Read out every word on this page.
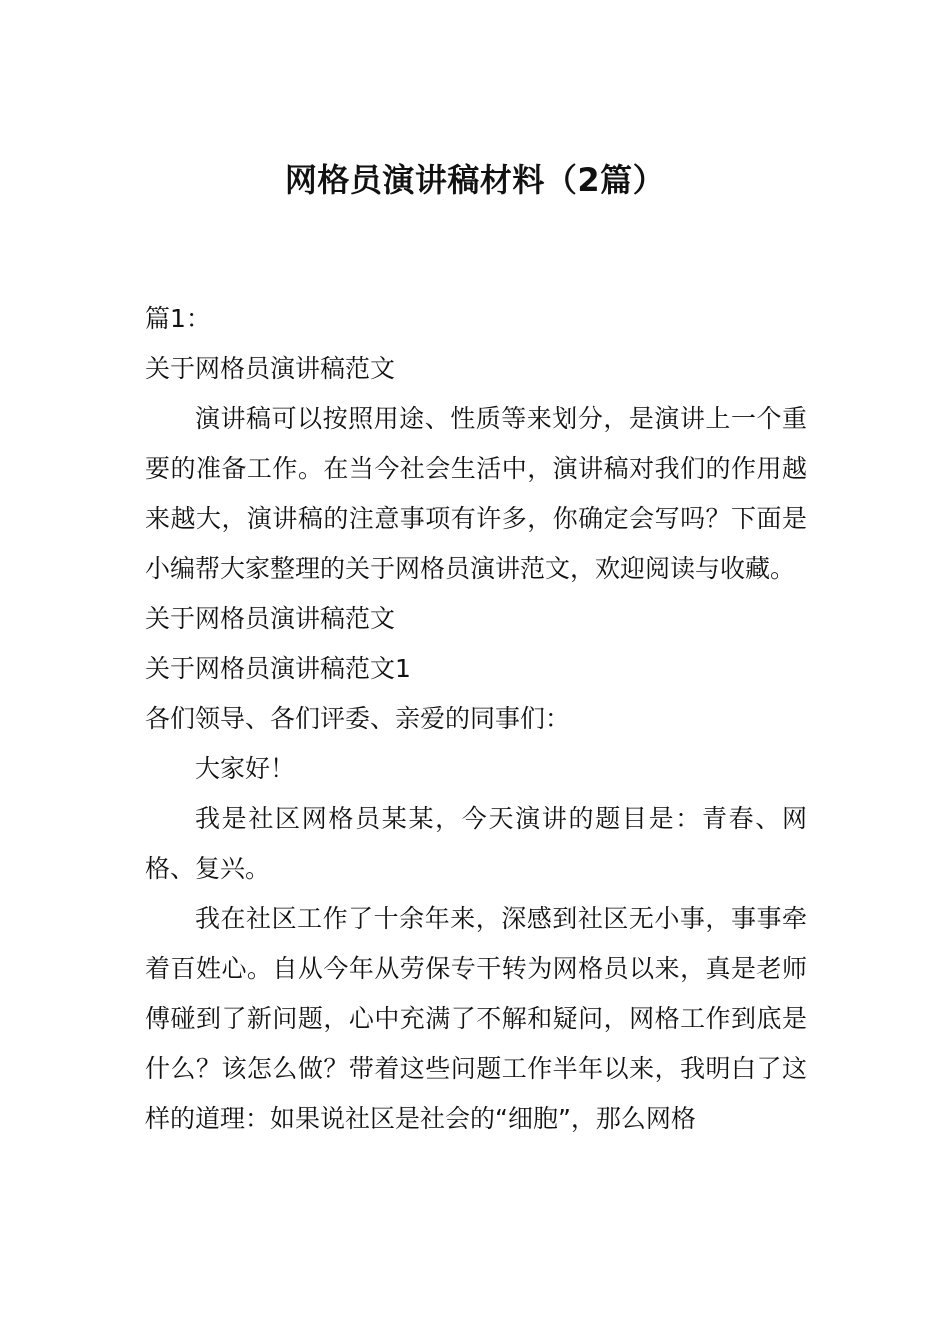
网格员演讲稿材料（2篇）
篇1：
关于网格员演讲稿范文
演讲稿可以按照用途、性质等来划分，是演讲上一个重要的准备工作。在当今社会生活中，演讲稿对我们的作用越来越大，演讲稿的注意事项有许多，你确定会写吗？下面是小编帮大家整理的关于网格员演讲范文，欢迎阅读与收藏。
关于网格员演讲稿范文
关于网格员演讲稿范文1
各们领导、各们评委、亲爱的同事们：
大家好！
我是社区网格员某某，今天演讲的题目是：青春、网格、复兴。
我在社区工作了十余年来，深感到社区无小事，事事牵着百姓心。自从今年从劳保专干转为网格员以来，真是老师傅碰到了新问题，心中充满了不解和疑问，网格工作到底是什么？该怎么做？带着这些问题工作半年以来，我明白了这样的道理：如果说社区是社会的“细胞”，那么网格
